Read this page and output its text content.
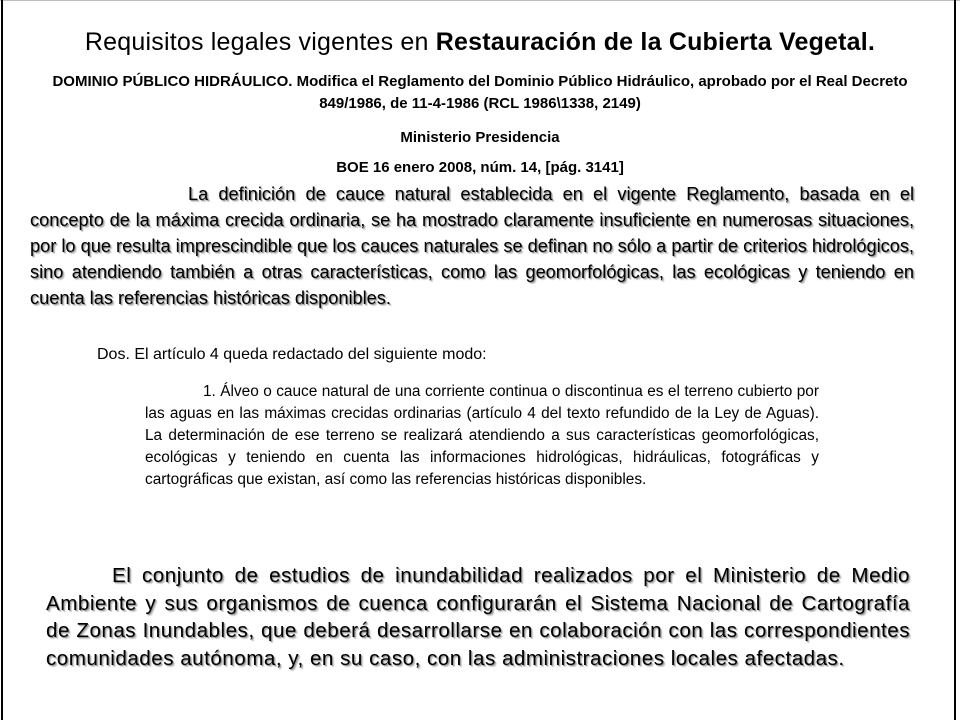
Requisitos legales vigentes en Restauración de la Cubierta Vegetal.
DOMINIO PÚBLICO HIDRÁULICO. Modifica el Reglamento del Dominio Público Hidráulico, aprobado por el Real Decreto 849/1986, de 11-4-1986 (RCL 1986\1338, 2149)
Ministerio Presidencia
BOE 16 enero 2008, núm. 14, [pág. 3141]
La definición de cauce natural establecida en el vigente Reglamento, basada en el concepto de la máxima crecida ordinaria, se ha mostrado claramente insuficiente en numerosas situaciones, por lo que resulta imprescindible que los cauces naturales se definan no sólo a partir de criterios hidrológicos, sino atendiendo también a otras características, como las geomorfológicas, las ecológicas y teniendo en cuenta las referencias históricas disponibles.
Dos. El artículo 4 queda redactado del siguiente modo:
1. Álveo o cauce natural de una corriente continua o discontinua es el terreno cubierto por las aguas en las máximas crecidas ordinarias (artículo 4 del texto refundido de la Ley de Aguas). La determinación de ese terreno se realizará atendiendo a sus características geomorfológicas, ecológicas y teniendo en cuenta las informaciones hidrológicas, hidráulicas, fotográficas y cartográficas que existan, así como las referencias históricas disponibles.
El conjunto de estudios de inundabilidad realizados por el Ministerio de Medio Ambiente y sus organismos de cuenca configurarán el Sistema Nacional de Cartografía de Zonas Inundables, que deberá desarrollarse en colaboración con las correspondientes comunidades autónoma, y, en su caso, con las administraciones locales afectadas.
